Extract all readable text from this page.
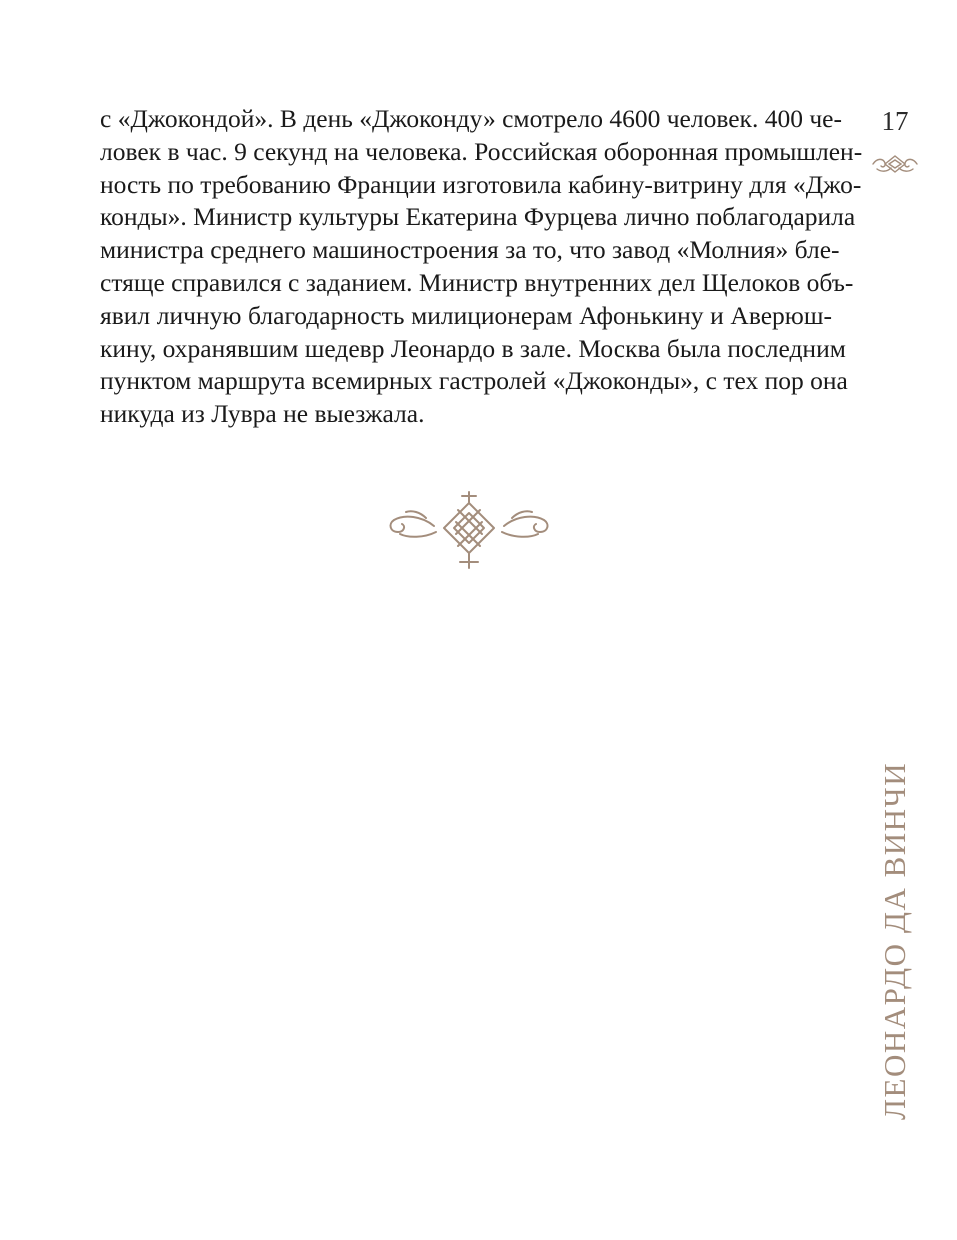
с «Джокондой». В день «Джоконду» смотрело 4600 человек. 400 че-
ловек в час. 9 секунд на человека. Российская оборонная промышлен-
ность по требованию Франции изготовила кабину-витрину для «Джо-
конды». Министр культуры Екатерина Фурцева лично поблагодарила
министра среднего машиностроения за то, что завод «Молния» бле-
стяще справился с заданием. Министр внутренних дел Щелоков объ-
явил личную благодарность милиционерам Афонькину и Аверюш-
кину, охранявшим шедевр Леонардо в зале. Москва была последним
пунктом маршрута всемирных гастролей «Джоконды», с тех пор она
никуда из Лувра не выезжала.
17
ЛЕОНАРДО ДА ВИНЧИ
